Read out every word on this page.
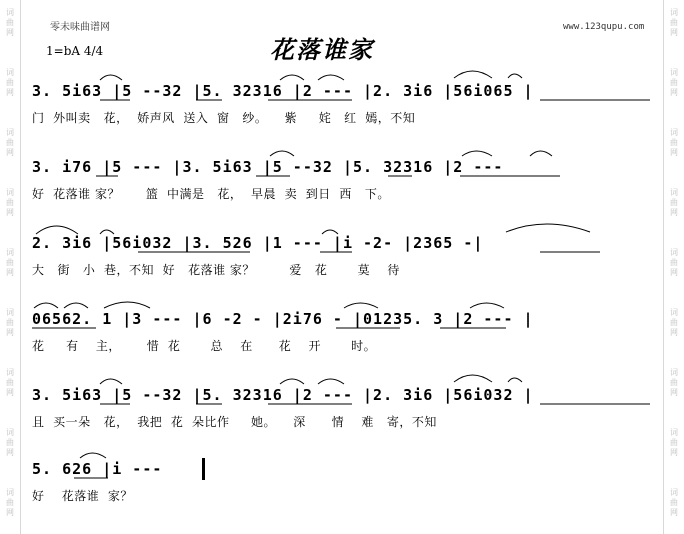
词
曲
网
词
曲
网
词
曲
网
词
曲
网
词
曲
网
词
曲
网
词
曲
网
词
曲
网
词
曲
网
词
曲
网
词
曲
网
词
曲
网
词
曲
网
词
曲
网
词
曲
网
词
曲
网
词
曲
网
词
曲
网
零未味曲谱网	www.123qupu.com
1=bA 4/4	花落谁家
3. 5i63 |5 --32 |5. 32316 |2 --- |2. 3i6 |56i065 |
门  外叫卖   花，  娇声风  送入  窗   纱。    紫     姹   红  嫣，不知
3. i76 |5 --- |3. 5i63 |5 --32 |5. 32316 |2 ---
好  花落谁 家？      篮  中满是   花，  早晨  卖  到日  西   下。
2. 3i6 |56i032 |3. 526 |1 --- |i -2- |2365 -|
大   街   小  巷，不知  好   花落谁 家？        爱   花       莫    待
06562. 1 |3 --- |6 -2 - |2i76 - |01235. 3 |2 --- |
花     有    主，      惜  花       总    在      花    开       时。
3. 5i63 |5 --32 |5. 32316 |2 --- |2. 3i6 |56i032 |
且  买一朵   花，  我把  花  朵比作     她。    深      情    难   寄，不知
5. 626 |i ---
好    花落谁  家？
